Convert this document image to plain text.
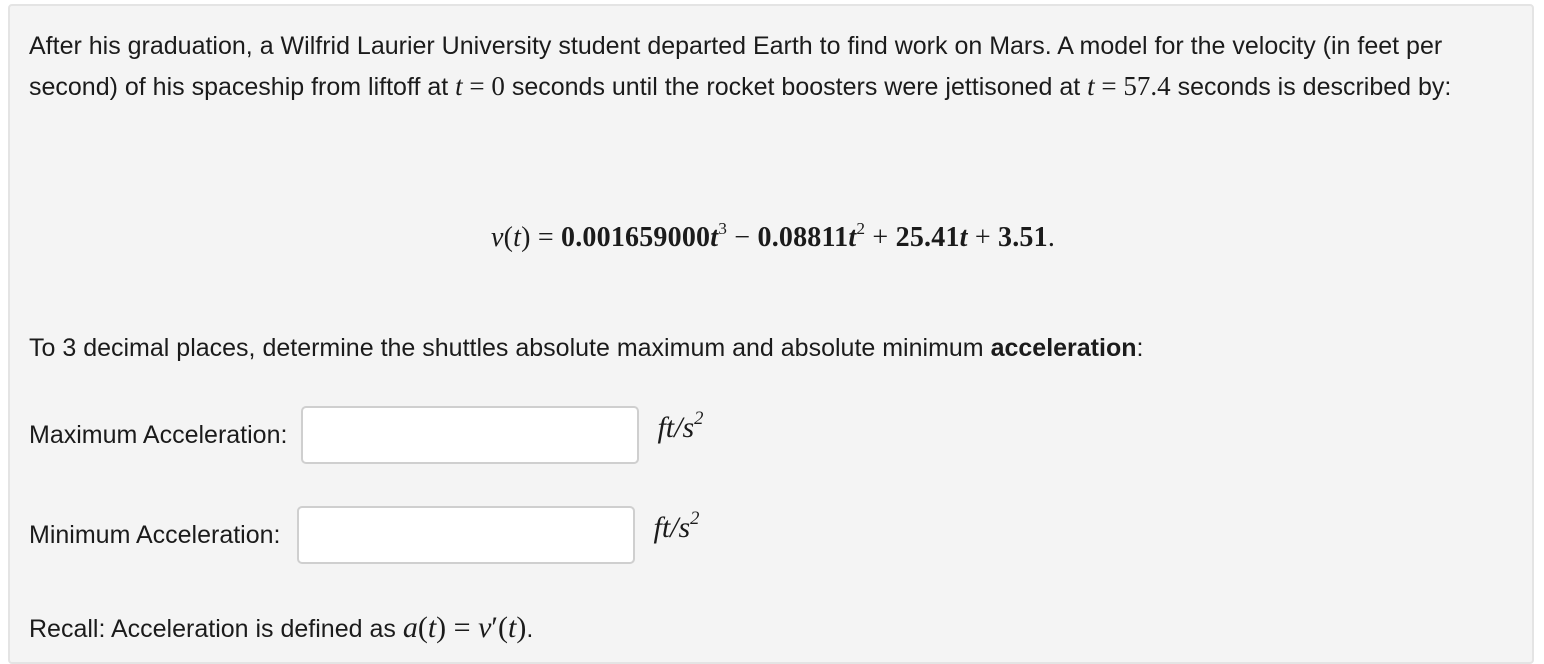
After his graduation, a Wilfrid Laurier University student departed Earth to find work on Mars. A model for the velocity (in feet per second) of his spaceship from liftoff at t = 0 seconds until the rocket boosters were jettisoned at t = 57.4 seconds is described by:
$v(t) = 0.001659000t^3 - 0.08811t^2 + 25.41t + 3.51$.
To 3 decimal places, determine the shuttles absolute maximum and absolute minimum acceleration:
Maximum Acceleration:	$ft/s^2$
Minimum Acceleration:	$ft/s^2$
Recall: Acceleration is defined as a(t) = v′(t).
